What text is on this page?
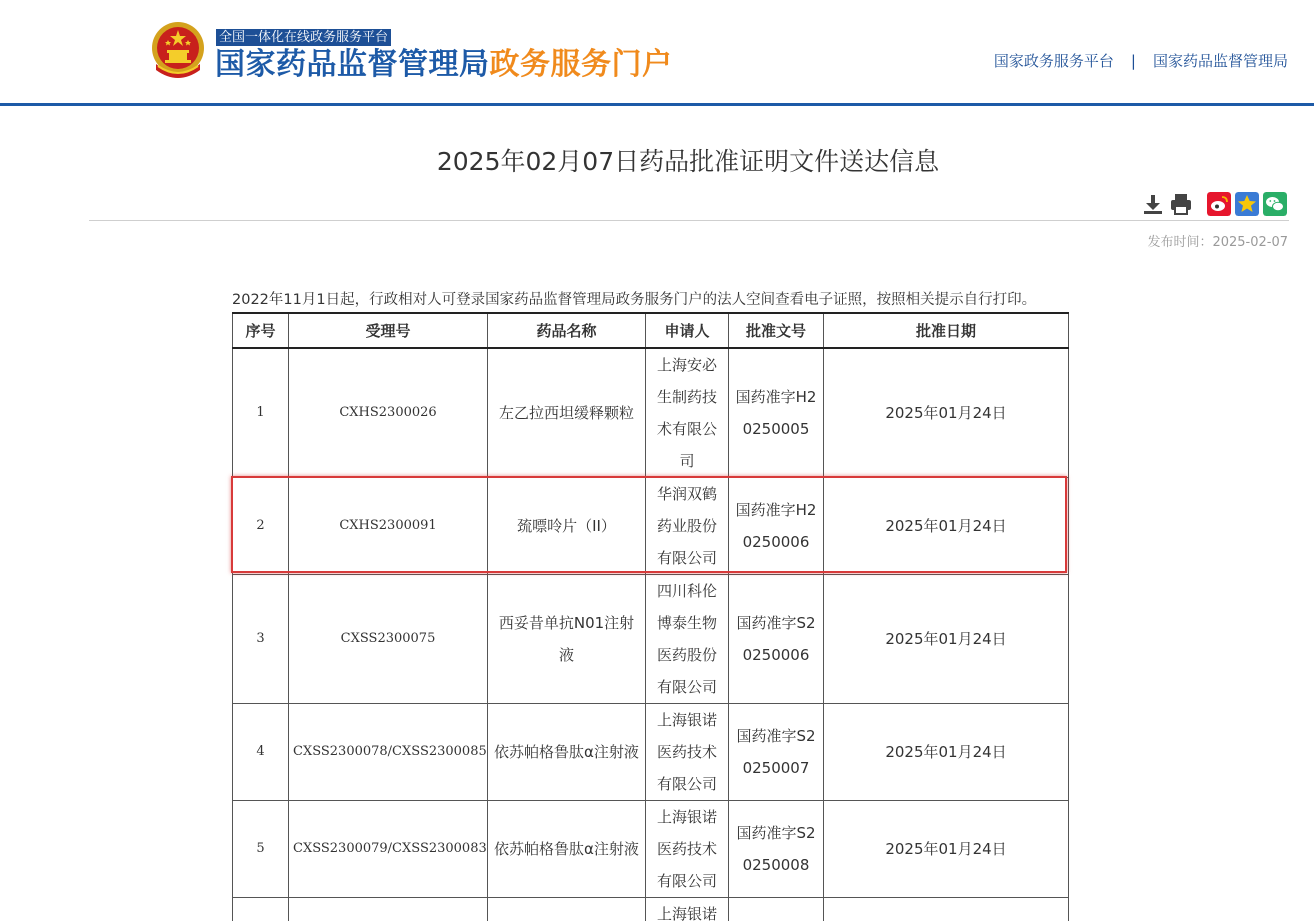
全国一体化在线政务服务平台
国家药品监督管理局政务服务门户	国家政务服务平台 | 国家药品监督管理局
2025年02月07日药品批准证明文件送达信息
发布时间：2025-02-07

2022年11月1日起，行政相对人可登录国家药品监督管理局政务服务门户的法人空间查看电子证照，按照相关提示自行打印。

序号	受理号	药品名称	申请人	批准文号	批准日期
1	CXHS2300026	左乙拉西坦缓释颗粒	上海安必生制药技术有限公司	国药准字H20250005	2025年01月24日
2	CXHS2300091	巯嘌呤片（II）	华润双鹤药业股份有限公司	国药准字H20250006	2025年01月24日
3	CXSS2300075	西妥昔单抗N01注射液	四川科伦博泰生物医药股份有限公司	国药准字S20250006	2025年01月24日
4	CXSS2300078/CXSS2300085	依苏帕格鲁肽α注射液	上海银诺医药技术有限公司	国药准字S20250007	2025年01月24日
5	CXSS2300079/CXSS2300083	依苏帕格鲁肽α注射液	上海银诺医药技术有限公司	国药准字S20250008	2025年01月24日
			上海银诺		
